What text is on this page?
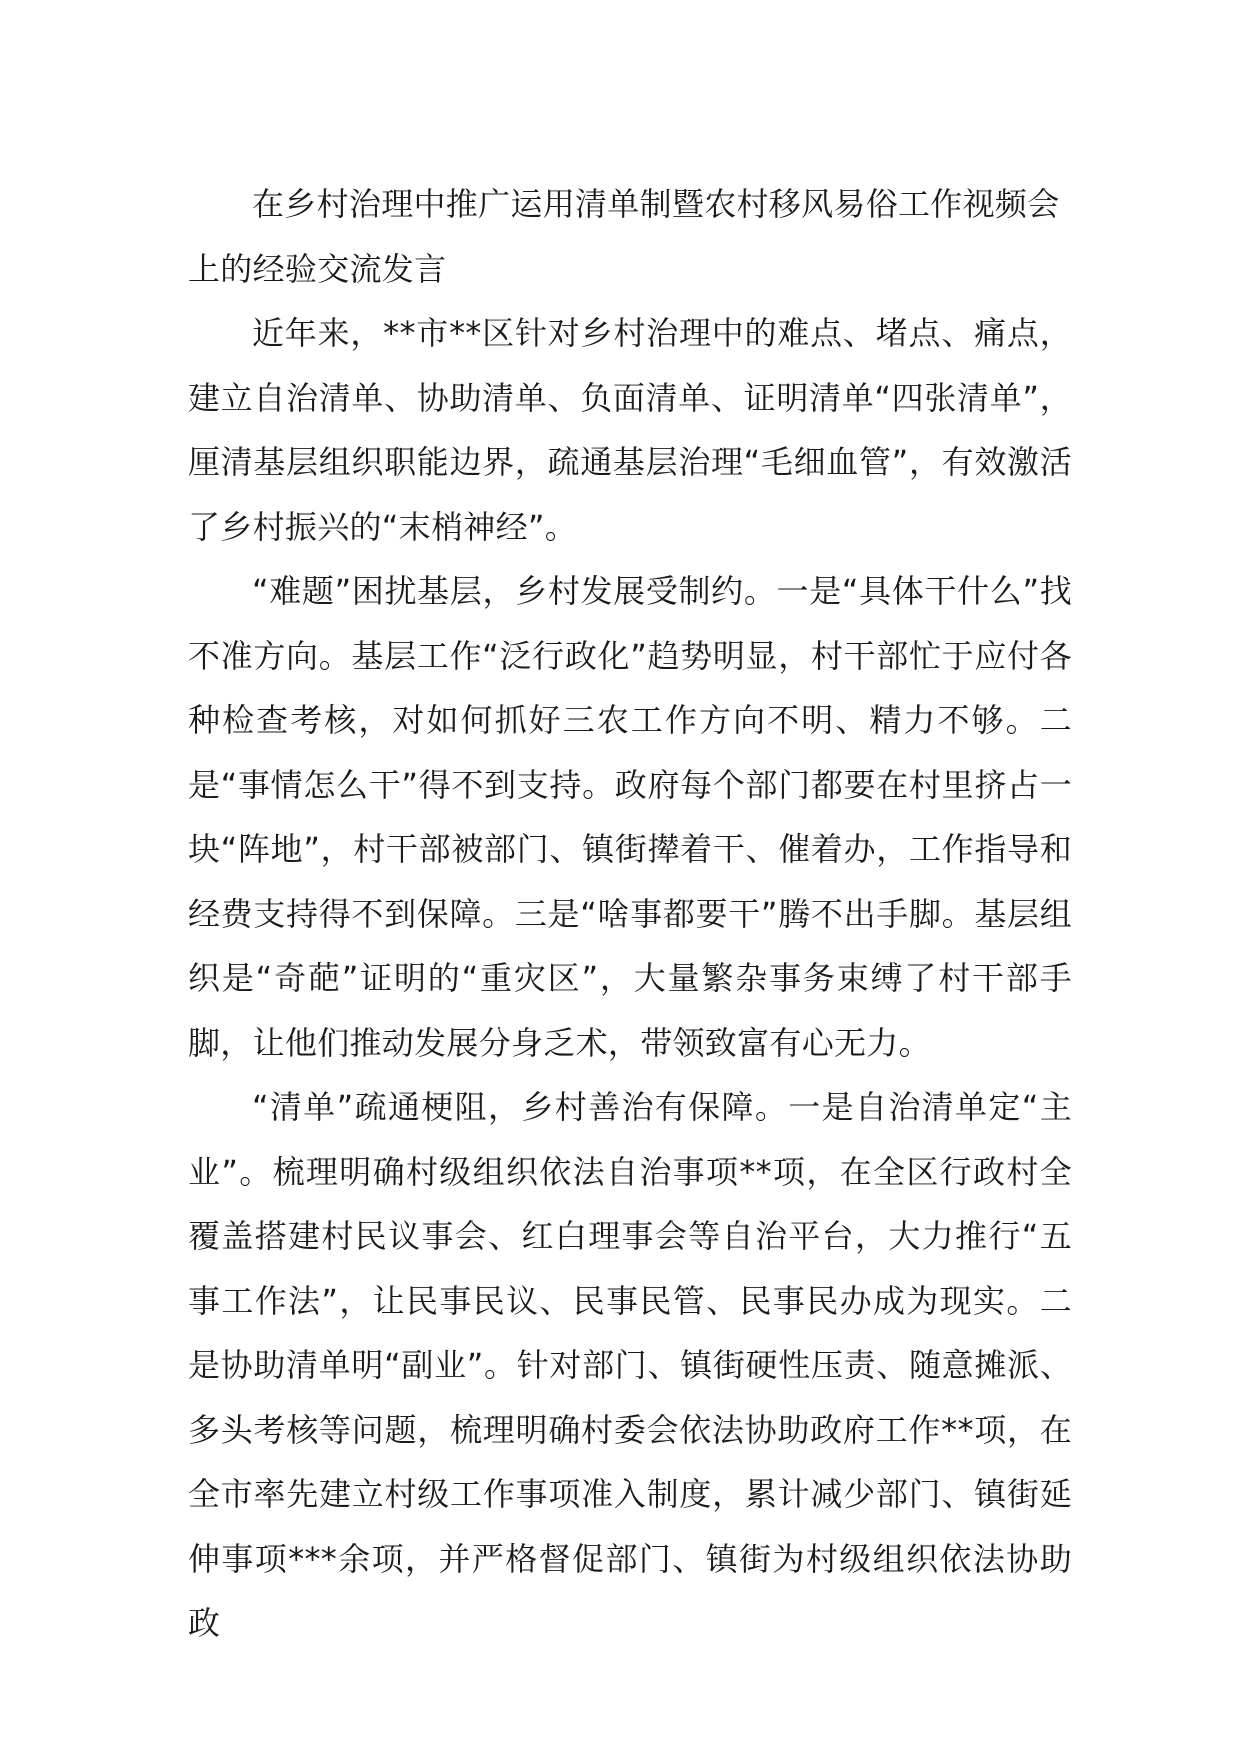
在乡村治理中推广运用清单制暨农村移风易俗工作视频会上的经验交流发言

近年来，**市**区针对乡村治理中的难点、堵点、痛点，建立自治清单、协助清单、负面清单、证明清单“四张清单”，厘清基层组织职能边界，疏通基层治理“毛细血管”，有效激活了乡村振兴的“末梢神经”。

“难题”困扰基层，乡村发展受制约。一是“具体干什么”找不准方向。基层工作“泛行政化”趋势明显，村干部忙于应付各种检查考核，对如何抓好三农工作方向不明、精力不够。二是“事情怎么干”得不到支持。政府每个部门都要在村里挤占一块“阵地”，村干部被部门、镇街撵着干、催着办，工作指导和经费支持得不到保障。三是“啥事都要干”腾不出手脚。基层组织是“奇葩”证明的“重灾区”，大量繁杂事务束缚了村干部手脚，让他们推动发展分身乏术，带领致富有心无力。

“清单”疏通梗阻，乡村善治有保障。一是自治清单定“主业”。梳理明确村级组织依法自治事项**项，在全区行政村全覆盖搭建村民议事会、红白理事会等自治平台，大力推行“五事工作法”，让民事民议、民事民管、民事民办成为现实。二是协助清单明“副业”。针对部门、镇街硬性压责、随意摊派、多头考核等问题，梳理明确村委会依法协助政府工作**项，在全市率先建立村级工作事项准入制度，累计减少部门、镇街延伸事项***余项，并严格督促部门、镇街为村级组织依法协助政
